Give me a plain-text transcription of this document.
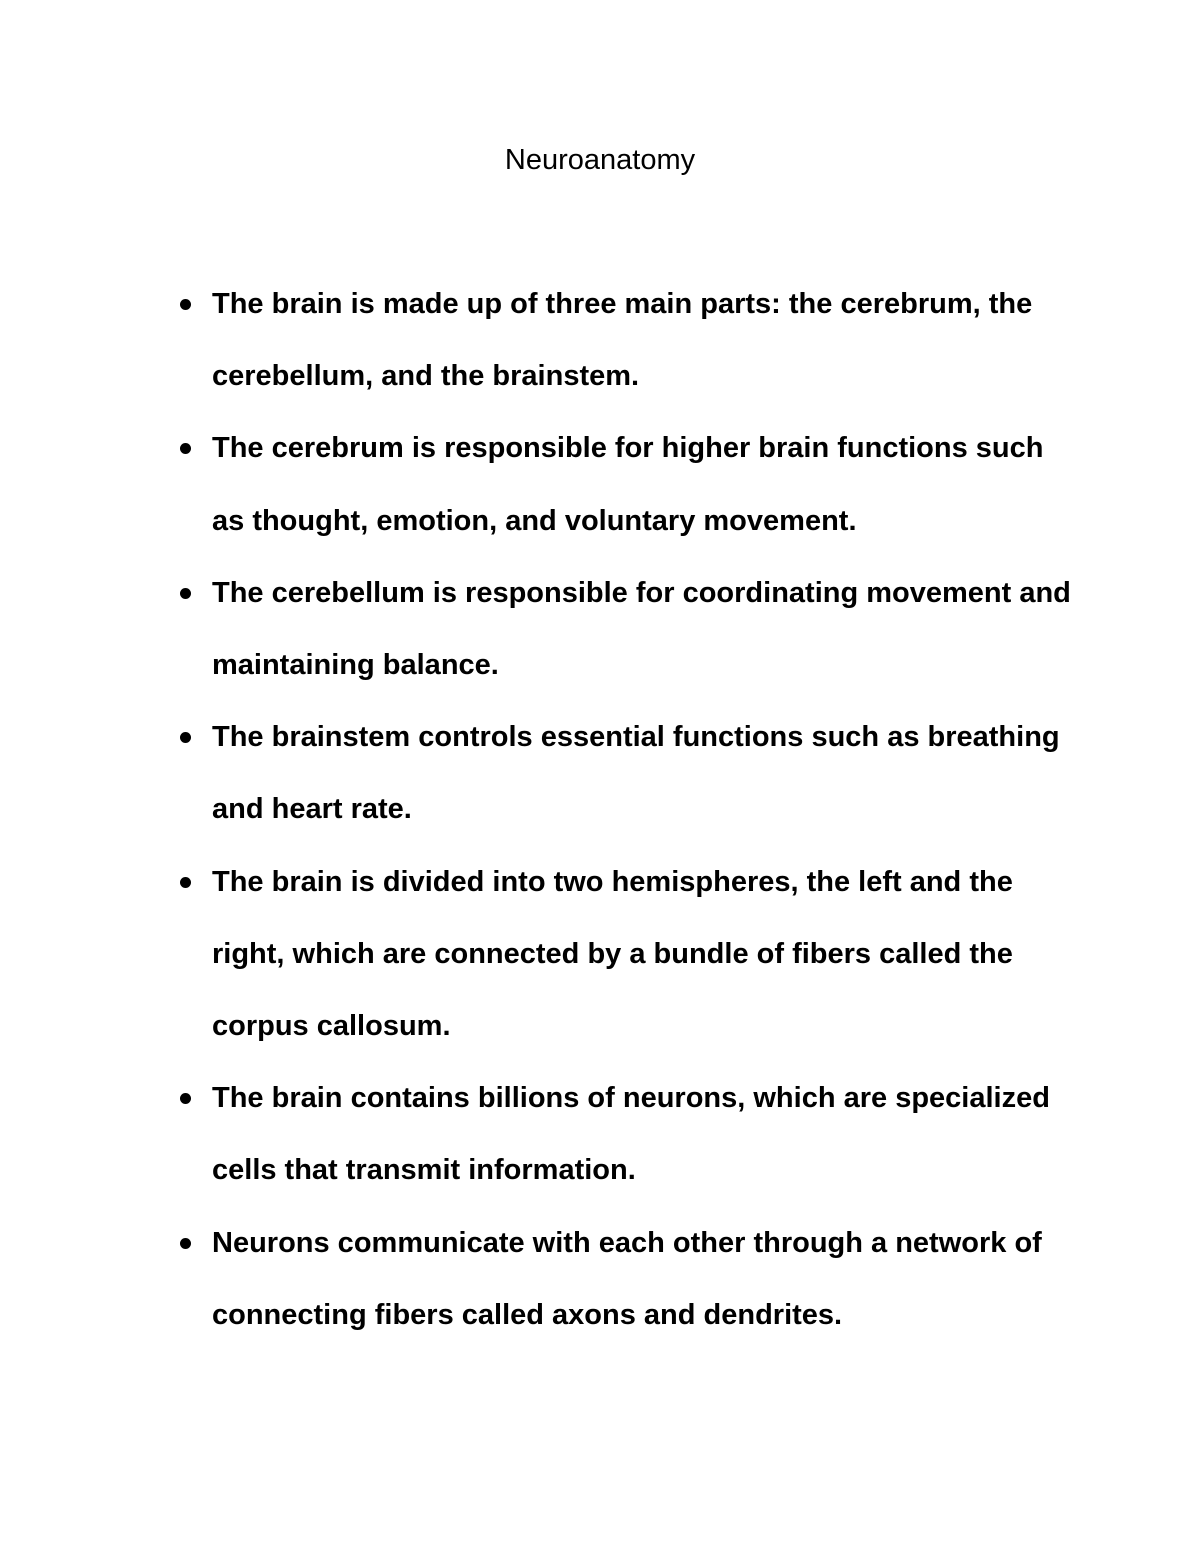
Neuroanatomy
The brain is made up of three main parts: the cerebrum, the cerebellum, and the brainstem.
The cerebrum is responsible for higher brain functions such as thought, emotion, and voluntary movement.
The cerebellum is responsible for coordinating movement and maintaining balance.
The brainstem controls essential functions such as breathing and heart rate.
The brain is divided into two hemispheres, the left and the right, which are connected by a bundle of fibers called the corpus callosum.
The brain contains billions of neurons, which are specialized cells that transmit information.
Neurons communicate with each other through a network of connecting fibers called axons and dendrites.
